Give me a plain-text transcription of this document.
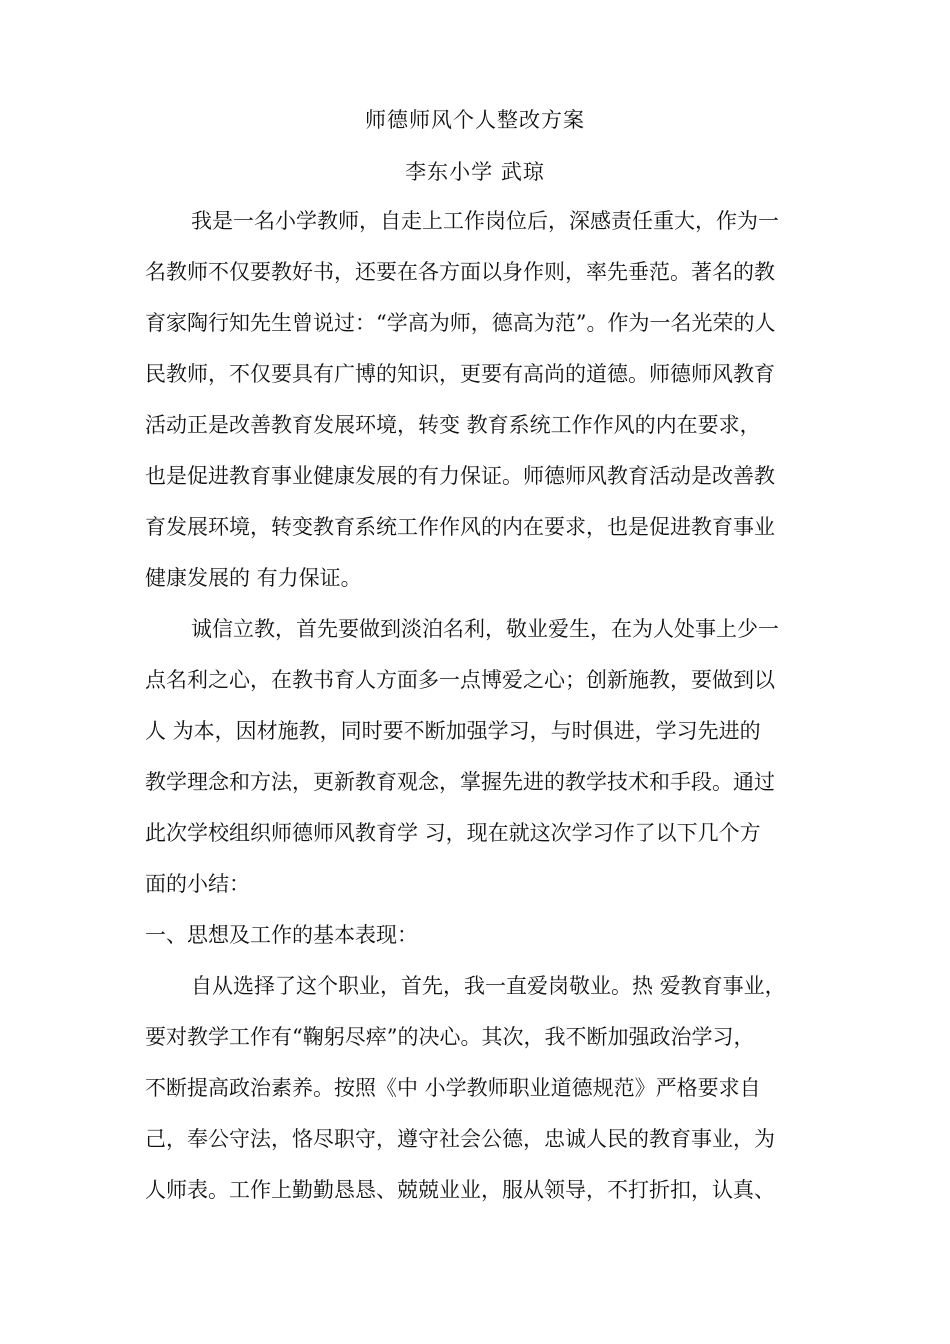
师德师风个人整改方案
李东小学 武琼
我是一名小学教师，自走上工作岗位后，深感责任重大，作为一
名教师不仅要教好书，还要在各方面以身作则，率先垂范。著名的教
育家陶行知先生曾说过：“学高为师，德高为范”。作为一名光荣的人
民教师，不仅要具有广博的知识，更要有高尚的道德。师德师风教育
活动正是改善教育发展环境，转变 教育系统工作作风的内在要求，
也是促进教育事业健康发展的有力保证。师德师风教育活动是改善教
育发展环境，转变教育系统工作作风的内在要求，也是促进教育事业
健康发展的 有力保证。
诚信立教，首先要做到淡泊名利，敬业爱生，在为人处事上少一
点名利之心，在教书育人方面多一点博爱之心；创新施教，要做到以
人 为本，因材施教，同时要不断加强学习，与时俱进，学习先进的
教学理念和方法，更新教育观念，掌握先进的教学技术和手段。通过
此次学校组织师德师风教育学 习，现在就这次学习作了以下几个方
面的小结：
一、思想及工作的基本表现：
自从选择了这个职业，首先，我一直爱岗敬业。热 爱教育事业，
要对教学工作有“鞠躬尽瘁”的决心。其次，我不断加强政治学习，
不断提高政治素养。按照《中 小学教师职业道德规范》严格要求自
己，奉公守法，恪尽职守，遵守社会公德，忠诚人民的教育事业，为
人师表。工作上勤勤恳恳、兢兢业业，服从领导，不打折扣，认真、
